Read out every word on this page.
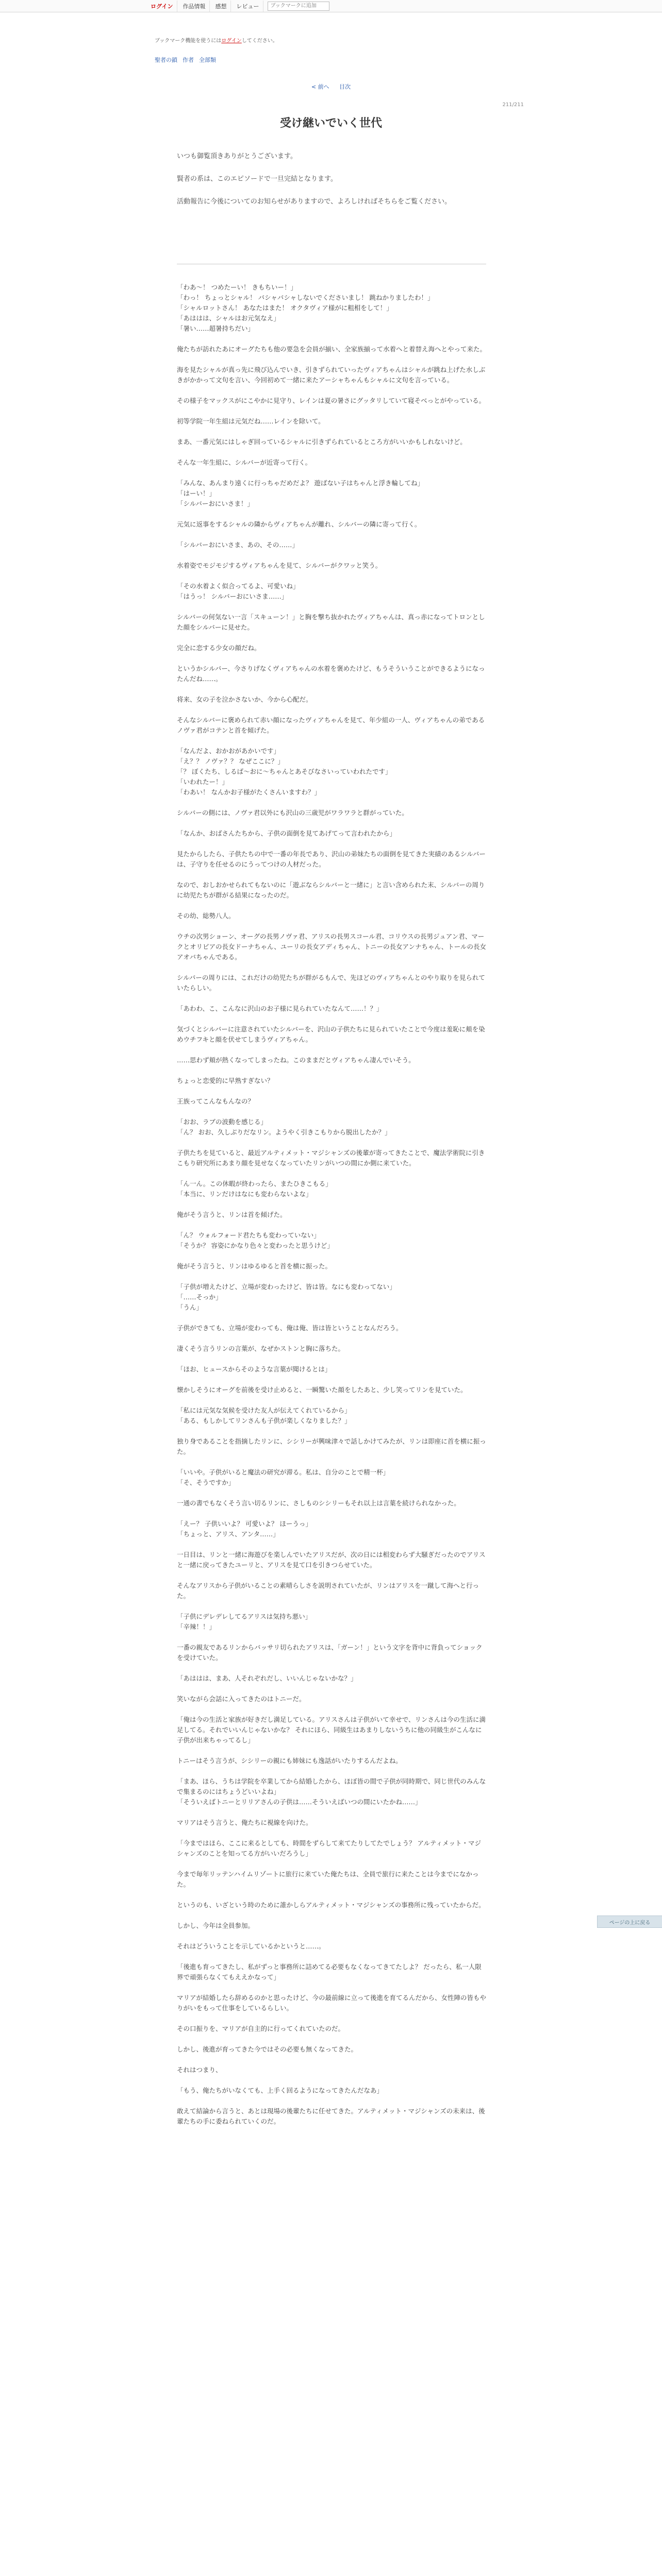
ログイン	作品情報	感想	レビュー
ブックマークに追加
ブックマーク機能を使うにはログインしてください。
聖者の鎖 作者 全部類
< 前へ 目次
211/211
受け継いでいく世代

いつも御覧頂きありがとうございます。

賢者の系は、このエピソードで一旦完結となります。

活動報告に今後についてのお知らせがありますので、よろしければそちらをご覧ください。

「わあ～！ つめたーい！ きもちいー！」
「わっ！ ちょっとシャル！ バシャバシャしないでくださいまし！ 跳ねかりましたわ！」
「シャルロットさん！ あなたはまた！ オクタヴィア様がに粗相をして！」
「あははは、シャルはお元気なえ」
「暑い……超暑持ちだい」

俺たちが訪れたあにオーグたちも他の要急を会員が揃い、全家族揃って水着へと着替え海へとやって来た。

海を見たシャルが真っ先に飛び込んでいき、引きずられていったヴィアちゃんはシャルが跳ね上げた水しぶきがかかって文句を言い、今回初めて一緒に来たアーシャちゃんもシャルに文句を言っている。

その様子をマックスがにこやかに見守り、レインは夏の暑さにグッタリしていて寝そべっとがやっている。

初等学院一年生組は元気だね……レインを除いて。

まあ、一番元気にはしゃぎ回っているシャルに引きずられているところ方がいいかもしれないけど。

そんな一年生組に、シルバーが近寄って行く。

「みんな、あんまり遠くに行っちゃだめだよ？ 遊ばない子はちゃんと浮き輪してね」
「はーい！」
「シルバーおにいさま！」

元気に返事をするシャルの隣からヴィアちゃんが離れ、シルバーの隣に寄って行く。

「シルバーおにいさま、あの、その……」

水着姿でモジモジするヴィアちゃんを見て、シルバーがクワッと笑う。

「その水着よく似合ってるよ、可愛いね」
「はうっ！ シルバーおにいさま……」

シルバーの何気ない一言「スキューン！」と胸を撃ち抜かれたヴィアちゃんは、真っ赤になってトロンとした顔をシルバーに見せた。

完全に恋する少女の顔だね。

というかシルバー、今さりげなくヴィアちゃんの水着を褒めたけど、もうそういうことができるようになったんだね……。

将来、女の子を泣かさないか、今から心配だ。

そんなシルバーに褒められて赤い顔になったヴィアちゃんを見て、年少組の一人、ヴィアちゃんの弟であるノヴァ君がコテンと首を傾げた。

「なんだよ、おかおがあかいです」
「え？？ ノヴァ？？ なぜここに？」
「？ ぼくたち、しるば～おに～ちゃんとあそびなさいっていわれたです」
「いわれたー！」
「わあい！ なんかお子様がたくさんいますわ？」

シルバーの側には、ノヴァ君以外にも沢山の三歳児がワラワラと群がっていた。

「なんか、おばさんたちから、子供の面倒を見てあげてって言われたから」

見たからしたら、子供たちの中で一番の年長であり、沢山の弟妹たちの面倒を見てきた実績のあるシルバーは、子守りを任せるのにうってつけの人材だった。

なので、おしおかせられてもないのに「遊ぶならシルバーと一緒に」と言い含められた末、シルバーの周りに幼児たちが群がる結果になったのだ。

その幼、総勢八人。

ウチの次男ショーン、オーグの長男ノヴァ君、アリスの長男スコール君、コリウスの長男ジュアン君、マークとオリビアの長女ドーナちゃん、ユーリの長女アディちゃん、トニーの長女アンナちゃん、トールの長女アオバちゃんである。

シルバーの周りには、これだけの幼児たちが群がるもんで、先ほどのヴィアちゃんとのやり取りを見られていたらしい。

「あわわ、こ、こんなに沢山のお子様に見られていたなんて……！？」

気づくとシルバーに注意されていたシルバーを、沢山の子供たちに見られていたことで今度は羞恥に頬を染めウチフキと顔を伏せてしまうヴィアちゃん。

……思わず頬が熱くなってしまったね。このままだとヴィアちゃん凄んでいそう。

ちょっと恋愛的に早熟すぎない？

王族ってこんなもんなの？

「おお、ラブの波動を感じる」
「ん？ おお、久しぶりだなリン。ようやく引きこもりから脱出したか？」

子供たちを見ていると、最近アルティメット・マジシャンズの後輩が寄ってきたことで、魔法学術院に引きこもり研究所にあまり顔を見せなくなっていたリンがいつの間にか側に来ていた。

「ん一ん。この休暇が終わったら、またひきこもる」
「本当に、リンだけはなにも変わらないよな」

俺がそう言うと、リンは首を傾げた。

「ん？ ウォルフォード君たちも変わっていない」
「そうか？ 容姿にかなり色々と変わったと思うけど」

俺がそう言うと、リンはゆるゆると首を横に振った。

「子供が増えたけど、立場が変わったけど、皆は皆。なにも変わってない」
「……そっか」
「うん」

子供ができても、立場が変わっても、俺は俺、皆は皆ということなんだろう。

凄くそう言うリンの言葉が、なぜかストンと胸に落ちた。

「ほお、ヒュースからそのような言葉が聞けるとは」

懐かしそうにオーグを前後を受け止めると、一瞬驚いた顔をしたあと、少し笑ってリンを見ていた。

「私には元気な気候を受けた友人が伝えてくれているから」
「ある、もしかしてリンさんも子供が楽しくなりました？」

独り身であることを指摘したリンに、シシリーが興味津々で話しかけてみたが、リンは即座に首を横に振った。

「いいや。子供がいると魔法の研究が滞る。私は、自分のことで精一杯」
「そ、そうですか」

一通の書でもなくそう言い切るリンに、さしものシシリーもそれ以上は言葉を続けられなかった。

「えー？ 子供いいよ？ 可愛いよ？ ほーうっ」
「ちょっと、アリス、アンタ……」

一日目は、リンと一緒に海遊びを楽しんでいたアリスだが、次の日には相変わらず大騒ぎだったのでアリスと一緒に戻ってきたユーリと、アリスを見て口を引きつらせていた。

そんなアリスから子供がいることの素晴らしさを説明されていたが、リンはアリスを一蹴して海へと行った。

「子供にデレデレしてるアリスは気持ち悪い」
「辛辣！！」

一番の親友であるリンからバッサリ切られたアリスは、「ガーン！」という文字を背中に背負ってショックを受けていた。

「あははは、まあ、人それぞれだし、いいんじゃないかな？」

笑いながら会話に入ってきたのはトニーだ。

「俺は今の生活と家族が好きだし満足している。アリスさんは子供がいて幸せで、リンさんは今の生活に満足してる。それでいいんじゃないかな？ それにほら、同級生はあまりしないうちに他の同級生がこんなに子供が出来ちゃってるし」

トニーはそう言うが、シシリーの親にも姉妹にも逸話がいたりするんだよね。

「まあ、ほら、うちは学院を卒業してから結婚したから、ほぼ皆の間で子供が同時期で、同じ世代のみんなで集まるのにはちょうどいいよね」
「そういえばトニーとリリアさんの子供は……そういえばいつの間にいたかね……」

マリアはそう言うと、俺たちに視線を向けた。

「今まではほら、ここに来るとしても、時間をずらして来てたりしてたでしょう？ アルティメット・マジシャンズのことを知ってる方がいいだろうし」

今まで毎年リッテンハイムリゾートに旅行に来ていた俺たちは、全員で旅行に来たことは今までになかった。

というのも、いざという時のために誰かしらアルティメット・マジシャンズの事務所に残っていたからだ。

しかし、今年は全員参加。

それはどういうことを示しているかというと……。

「後進も育ってきたし、私がずっと事務所に詰めてる必要もなくなってきてたしよ？ だったら、私一人限界で頑張らなくてもええかなって」

マリアが結婚したら辞めるのかと思ったけど、今の最前線に立って後進を育てるんだから、女性陣の皆もやりがいをもって仕事をしているらしい。

その口振りを、マリアが自主的に行ってくれていたのだ。

しかし、後進が育ってきた今ではその必要も無くなってきた。

それはつまり、

「もう、俺たちがいなくても、上手く回るようになってきたんだなあ」

敢えて結論から言うと、あとは現場の後輩たちに任せてきた。アルティメット・マジシャンズの未来は、後輩たちの手に委ねられていくのだ。

ページの上に戻る
